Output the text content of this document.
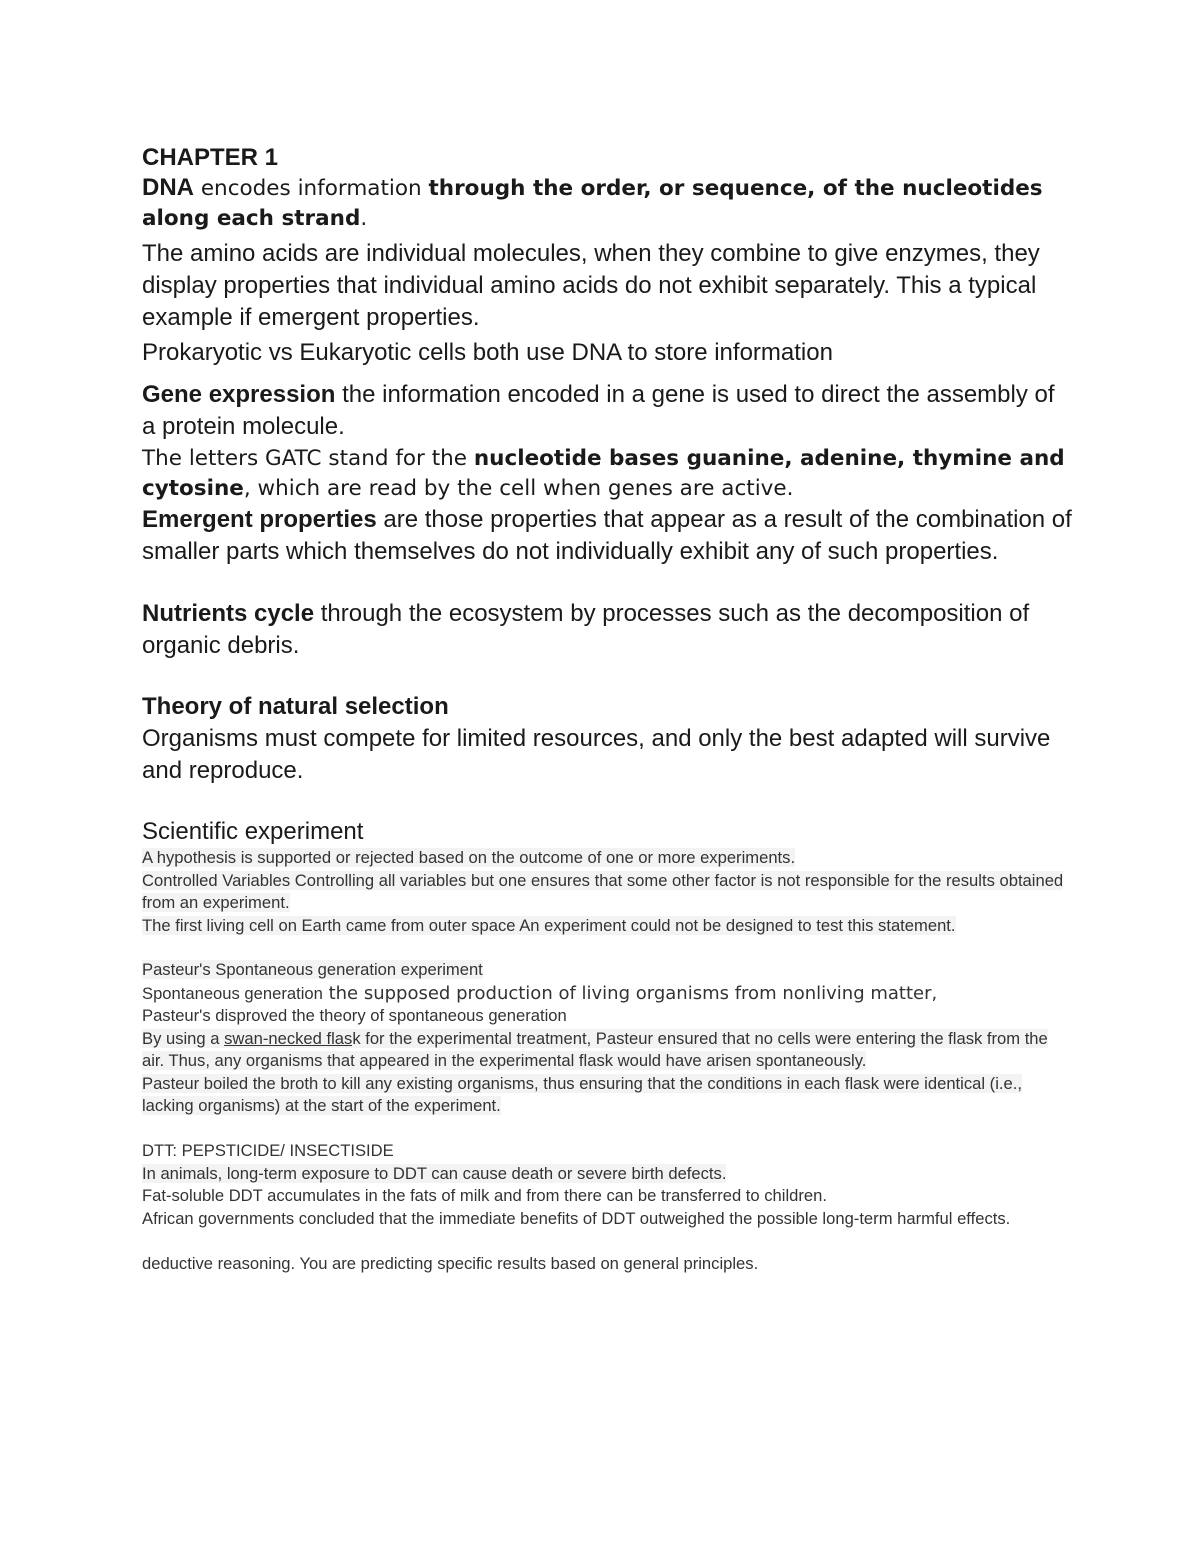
CHAPTER 1

DNA encodes information through the order, or sequence, of the nucleotides along each strand.

The amino acids are individual molecules, when they combine to give enzymes, they display properties that individual amino acids do not exhibit separately. This a typical example if emergent properties.

Prokaryotic vs Eukaryotic cells both use DNA to store information

Gene expression the information encoded in a gene is used to direct the assembly of a protein molecule.

The letters GATC stand for the nucleotide bases guanine, adenine, thymine and cytosine, which are read by the cell when genes are active.

Emergent properties are those properties that appear as a result of the combination of smaller parts which themselves do not individually exhibit any of such properties.

Nutrients cycle through the ecosystem by processes such as the decomposition of organic debris.

Theory of natural selection

Organisms must compete for limited resources, and only the best adapted will survive and reproduce.

Scientific experiment

A hypothesis is supported or rejected based on the outcome of one or more experiments.

Controlled Variables Controlling all variables but one ensures that some other factor is not responsible for the results obtained from an experiment.

The first living cell on Earth came from outer space An experiment could not be designed to test this statement.

Pasteur's Spontaneous generation experiment

Spontaneous generation the supposed production of living organisms from nonliving matter,

Pasteur's disproved the theory of spontaneous generation

By using a swan-necked flask for the experimental treatment, Pasteur ensured that no cells were entering the flask from the air. Thus, any organisms that appeared in the experimental flask would have arisen spontaneously.

Pasteur boiled the broth to kill any existing organisms, thus ensuring that the conditions in each flask were identical (i.e., lacking organisms) at the start of the experiment.

DTT: PEPSTICIDE/ INSECTISIDE

In animals, long-term exposure to DDT can cause death or severe birth defects.

Fat-soluble DDT accumulates in the fats of milk and from there can be transferred to children.

African governments concluded that the immediate benefits of DDT outweighed the possible long-term harmful effects.

deductive reasoning. You are predicting specific results based on general principles.
